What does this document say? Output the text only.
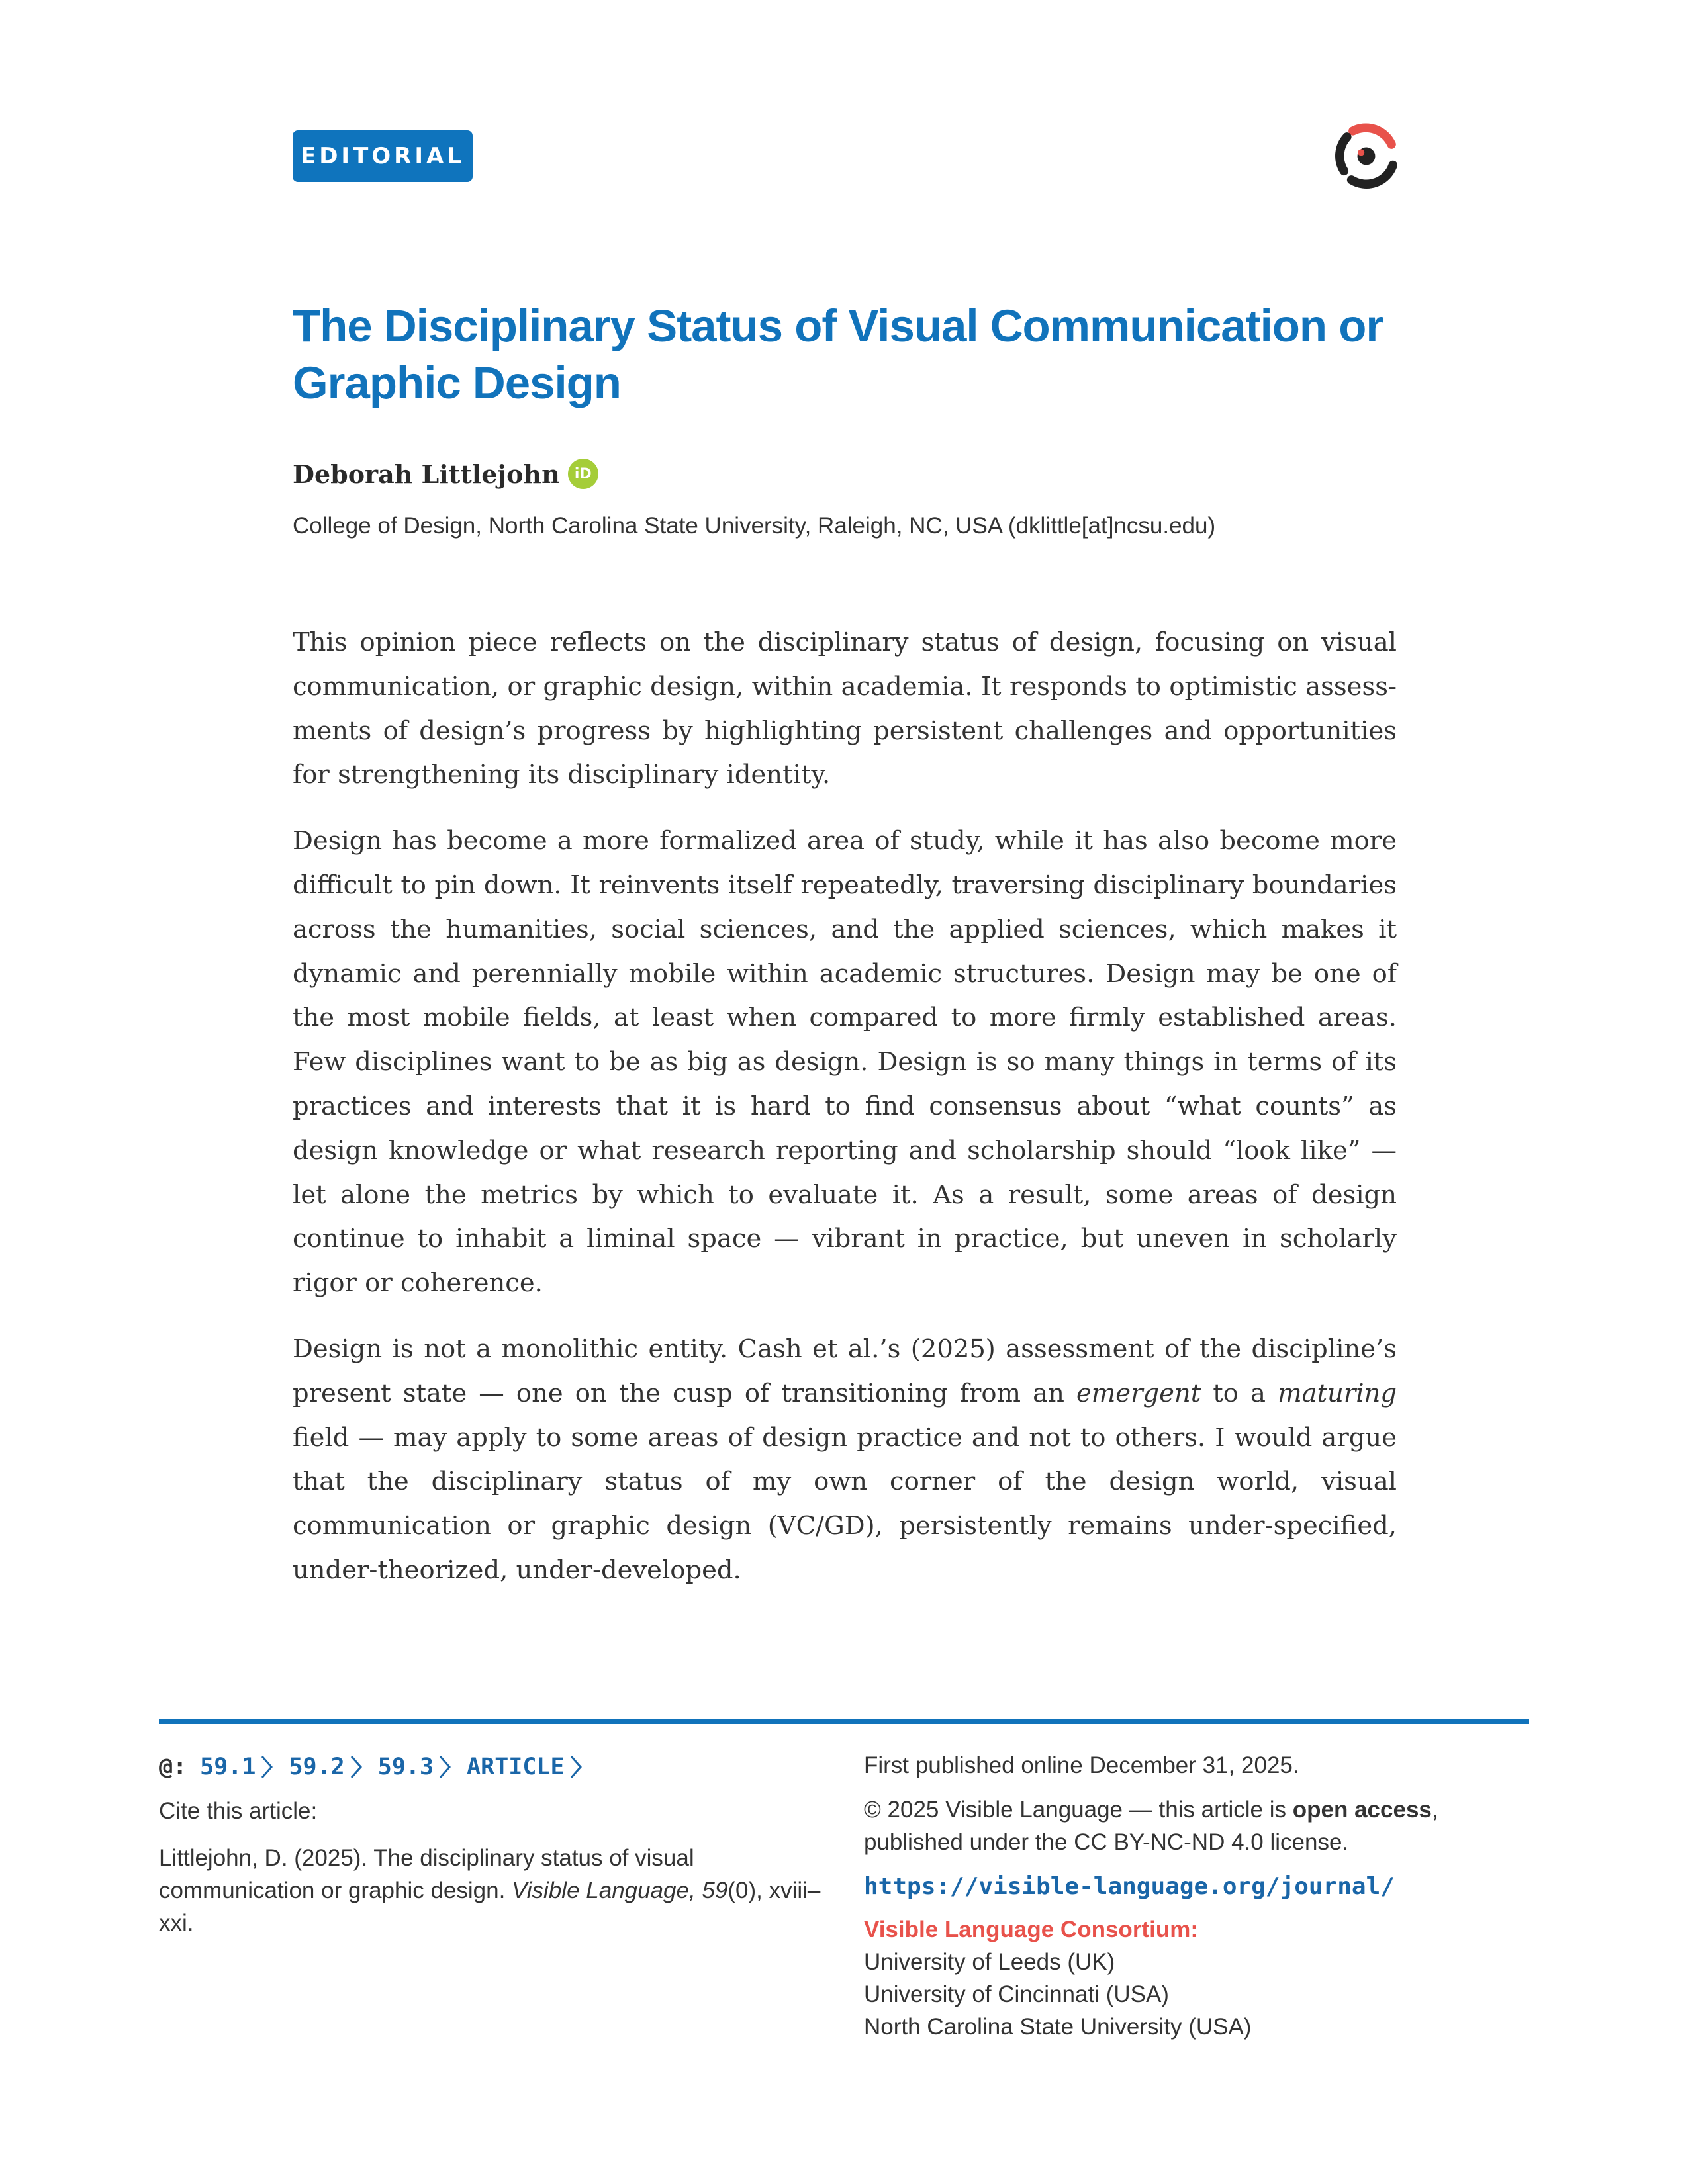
EDITORIAL
The Disciplinary Status of Visual Communication or Graphic Design
Deborah Littlejohn	iD

College of Design, North Carolina State University, Raleigh, NC, USA (dklittle[at]ncsu.edu)

This opinion piece reflects on the disciplinary status of design, focusing on visual communication, or graphic design, within academia. It responds to optimistic assessments of design’s progress by highlighting persistent challenges and opportunities for strengthening its disciplinary identity.

Design has become a more formalized area of study, while it has also become more difficult to pin down. It reinvents itself repeatedly, traversing disciplinary boundaries across the humanities, social sciences, and the applied sciences, which makes it dynamic and perennially mobile within academic structures. Design may be one of the most mobile fields, at least when compared to more firmly established areas. Few disciplines want to be as big as design. Design is so many things in terms of its practices and interests that it is hard to find consensus about “what counts” as design knowledge or what research reporting and scholarship should “look like” — let alone the metrics by which to evaluate it. As a result, some areas of design continue to inhabit a liminal space — vibrant in practice, but uneven in scholarly rigor or coherence.

Design is not a monolithic entity. Cash et al.’s (2025) assessment of the discipline’s present state — one on the cusp of transitioning from an emergent to a maturing field — may apply to some areas of design practice and not to others. I would argue that the disciplinary status of my own corner of the design world, visual communication or graphic design (VC/GD), persistently remains under-specified, under-theorized, under-developed.

@: 59.1 59.2 59.3 ARTICLE

Cite this article:

Littlejohn, D. (2025). The disciplinary status of visual communication or graphic design. Visible Language, 59(0), xviii–xxi.

First published online December 31, 2025.

© 2025 Visible Language — this article is open access, published under the CC BY-NC-ND 4.0 license.

https://visible-language.org/journal/

Visible Language Consortium:

University of Leeds (UK)

University of Cincinnati (USA)

North Carolina State University (USA)
